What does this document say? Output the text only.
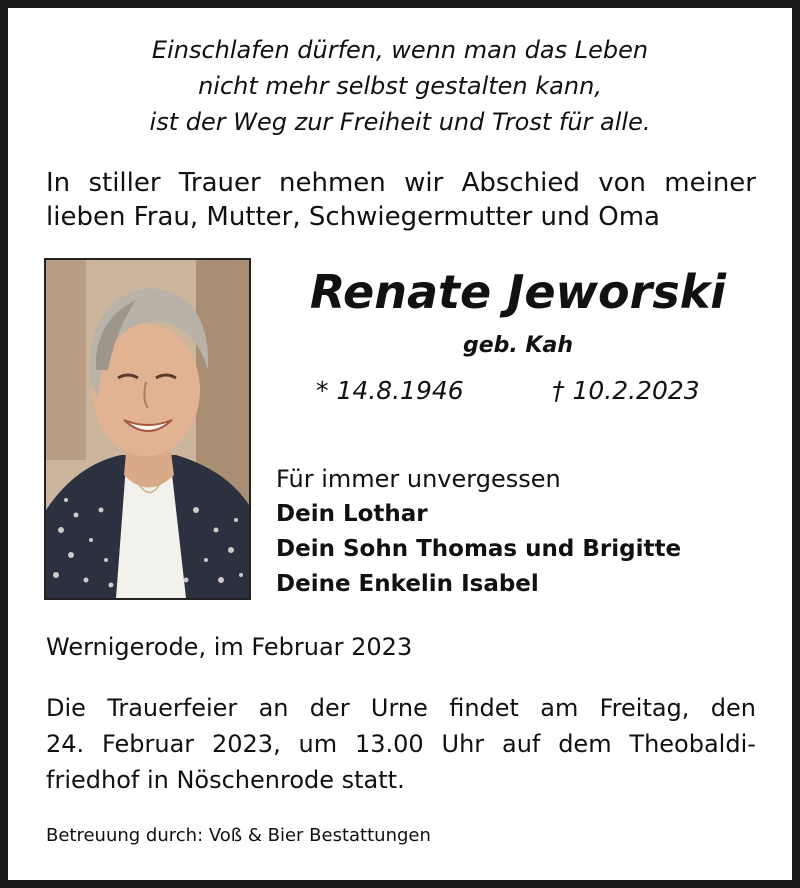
Einschlafen dürfen, wenn man das Leben
nicht mehr selbst gestalten kann,
ist der Weg zur Freiheit und Trost für alle.
In stiller Trauer nehmen wir Abschied von meiner
lieben Frau, Mutter, Schwiegermutter und Oma
Renate Jeworski
geb. Kah
* 14.8.1946	† 10.2.2023
Für immer unvergessen
Dein Lothar
Dein Sohn Thomas und Brigitte
Deine Enkelin Isabel
Wernigerode, im Februar 2023
Die Trauerfeier an der Urne findet am Freitag, den
24. Februar 2023, um 13.00 Uhr auf dem Theobaldi-
friedhof in Nöschenrode statt.
Betreuung durch: Voß & Bier Bestattungen
